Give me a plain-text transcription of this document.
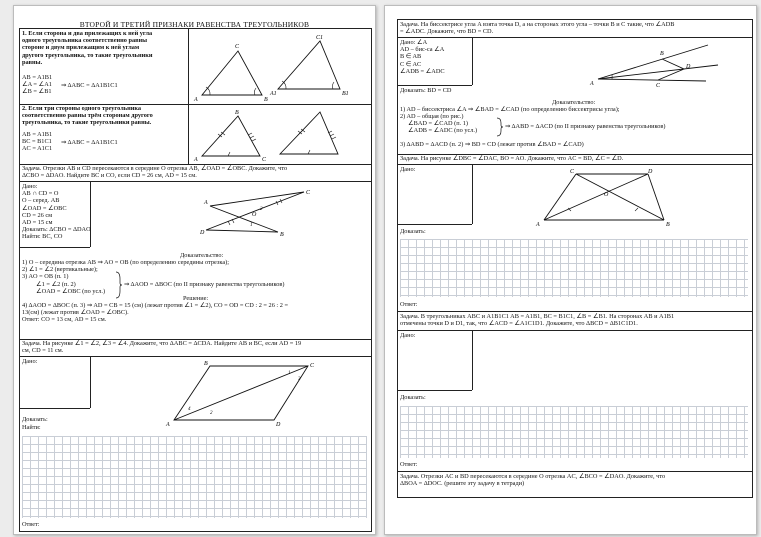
1. Если сторона и два прилежащих к ней угла
одного треугольника соответственно равны
стороне и двум прилежащим к ней углам
другого треугольника, то такие треугольники
равны.
AB = A1B1
∠A = ∠A1
∠B = ∠B1
⇒ ΔABC = ΔA1B1C1
A
C
B
A1
C1
B1
2. Если три стороны одного треугольника
соответственно равны трём сторонам другого
треугольника, то такие треугольники равны.
AB = A1B1
BC = B1C1
AC = A1C1
⇒ ΔABC = ΔA1B1C1
A
B
C
Задача. Отрезки AB и CD пересекаются в середине O отрезка AB, ∠OAD = ∠OBC. Докажите, что
ΔCBO = ΔDAO. Найдите BC и CO, если CD = 26 см, AD = 15 см.
Дано:
AB ∩ CD = O
O – серед. AB
∠OAD = ∠OBC
CD = 26 см
AD = 15 см
Доказать: ΔCBO = ΔDAO
Найти: BC, CO
D
A
C
B
O
1
2
Доказательство:
1) O – середина отрезка AB ⇒ AO = OB (по определению середины отрезка);
2) ∠1 = ∠2 (вертикальные);
3) AO = OB (п. 1)
∠1 = ∠2 (п. 2)
∠OAD = ∠OBC (по усл.)
⇒ ΔAOD = ΔBOC (по II признаку равенства треугольников)
Решение:
4) ΔAOD = ΔBOC (п. 3) ⇒ AD = CB = 15 (см) (лежат против ∠1 = ∠2), CO = OD = CD : 2 = 26 : 2 =
13(см) (лежат против ∠OAD = ∠OBC).
Ответ: CO = 13 см, AD = 15 см.
Задача. На рисунке ∠1 = ∠2, ∠3 = ∠4. Докажите, что ΔABC = ΔCDA. Найдите AB и BC, если AD = 19
см, CD = 11 см.
Дано:
Доказать:
Найти:	A
B	C
D
1
2
3
4
Ответ:
ВТОРОЙ И ТРЕТИЙ ПРИЗНАКИ РАВЕНСТВА ТРЕУГОЛЬНИКОВ	Задача. На биссектрисе угла A взята точка D, а на сторонах этого угла – точки B и C такие, что ∠ADB
= ∠ADC. Докажите, что BD = CD.
Дано: ∠A
AD – бис-са ∠A
B ∈ AB
C ∈ AC
∠ADB = ∠ADC
Доказать: BD = CD
A
B
D
C
Доказательство:
1) AD – биссектриса ∠A ⇒ ∠BAD = ∠CAD (по определению биссектрисы угла);
2) AD – общая (по рис.)
∠BAD = ∠CAD (п. 1)
∠ADB = ∠ADC (по усл.)
⇒ ΔABD = ΔACD (по II признаку равенства треугольников)
3) ΔABD = ΔACD (п. 2) ⇒ BD = CD (лежат против ∠BAD = ∠CAD)
Задача. На рисунке ∠DBC = ∠DAC, BO = AO. Докажите, что AC = BD, ∠C = ∠D.
Дано:
Доказать:
C	D
A	B
O
Ответ:
Задача. В треугольниках ABC и A1B1C1 AB = A1B1, BC = B1C1, ∠B = ∠B1. На сторонах AB и A1B1
отмечены точки D и D1, так, что ∠ACD = ∠A1C1D1. Докажите, что ΔBCD = ΔB1C1D1.
Дано:
Доказать:
Ответ:
Задача. Отрезки AC и BD пересекаются в середине O отрезка AC, ∠BCO = ∠DAO. Докажите, что
ΔBOA = ΔDOC. (решите эту задачу в тетради)
